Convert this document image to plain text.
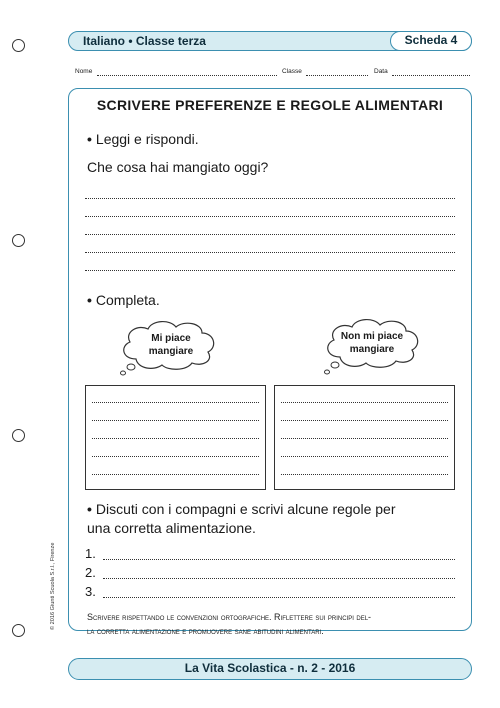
Italiano • Classe terza	Scheda 4
Nome	Classe	Data
SCRIVERE PREFERENZE E REGOLE ALIMENTARI
• Leggi e rispondi.
Che cosa hai mangiato oggi?
• Completa.
Mi piace mangiare
Non mi piace mangiare
• Discuti con i compagni e scrivi alcune regole per
una corretta alimentazione.
1.
2.
3.
Scrivere rispettando le convenzioni ortografiche. Riflettere sui principi del-
la corretta alimentazione e promuovere sane abitudini alimentari.
© 2016 Giunti Scuola S.r.l., Firenze
La Vita Scolastica - n. 2 - 2016
